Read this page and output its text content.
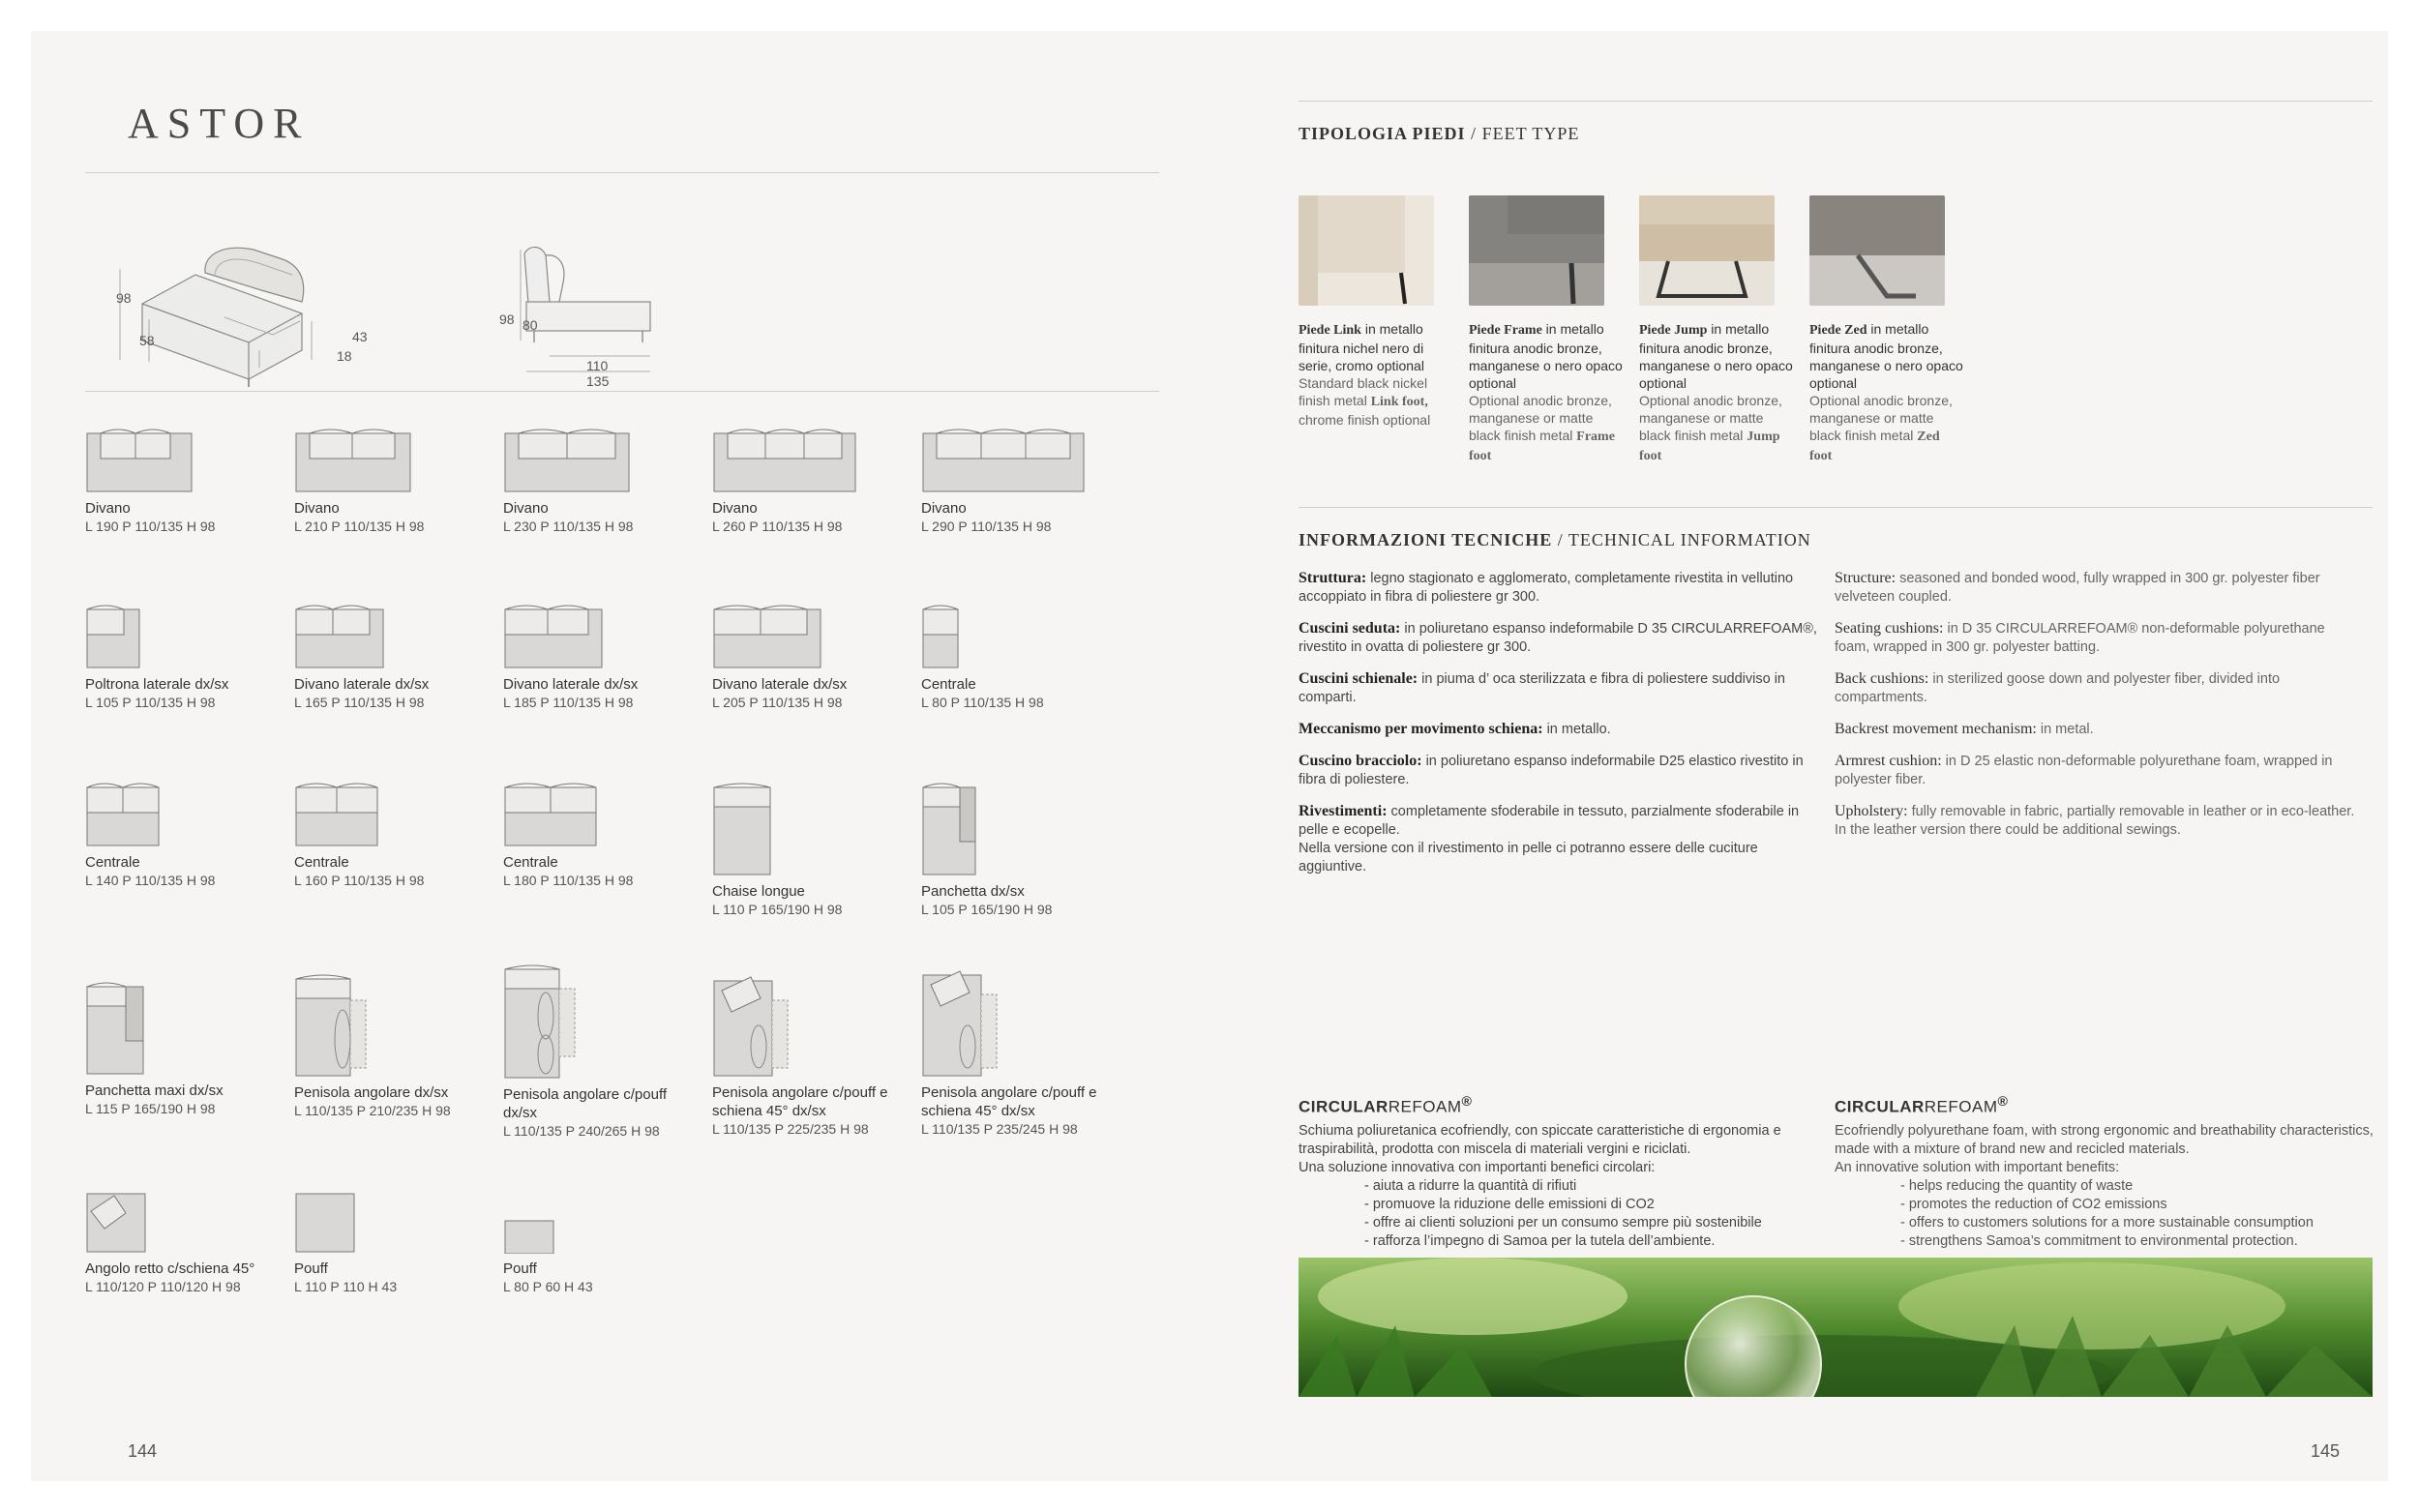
ASTOR
98
58	43
18
98 80
110
135
Divano
L 190 P 110/135 H 98
Divano
L 210 P 110/135 H 98
Divano
L 230 P 110/135 H 98
Divano
L 260 P 110/135 H 98
Divano
L 290 P 110/135 H 98
Poltrona laterale dx/sx
L 105 P 110/135 H 98
Divano laterale dx/sx
L 165 P 110/135 H 98
Divano laterale dx/sx
L 185 P 110/135 H 98
Divano laterale dx/sx
L 205 P 110/135 H 98
Centrale
L 80 P 110/135 H 98
Centrale
L 140 P 110/135 H 98
Centrale
L 160 P 110/135 H 98
Centrale
L 180 P 110/135 H 98
Chaise longue
L 110 P 165/190 H 98
Panchetta dx/sx
L 105 P 165/190 H 98
Panchetta maxi dx/sx
L 115 P 165/190 H 98
Penisola angolare dx/sx
L 110/135 P 210/235 H 98
Penisola angolare c/pouff dx/sx
L 110/135 P 240/265 H 98
Penisola angolare c/pouff e schiena 45° dx/sx
L 110/135 P 225/235 H 98
Penisola angolare c/pouff e schiena 45° dx/sx
L 110/135 P 235/245 H 98
Angolo retto c/schiena 45°
L 110/120 P 110/120 H 98
Pouff
L 110 P 110 H 43
Pouff
L 80 P 60 H 43
144
TIPOLOGIA PIEDI / FEET TYPE
Piede Link in metallo finitura nichel nero di serie, cromo optional
Standard black nickel finish metal Link foot, chrome finish optional
Piede Frame in metallo finitura anodic bronze, manganese o nero opaco optional
Optional anodic bronze, manganese or matte black finish metal Frame foot
Piede Jump in metallo finitura anodic bronze, manganese o nero opaco optional
Optional anodic bronze, manganese or matte black finish metal Jump foot
Piede Zed in metallo finitura anodic bronze, manganese o nero opaco optional
Optional anodic bronze, manganese or matte black finish metal Zed foot
INFORMAZIONI TECNICHE / TECHNICAL INFORMATION

Struttura: legno stagionato e agglomerato, completamente rivestita in vellutino accoppiato in fibra di poliestere gr 300.

Cuscini seduta: in poliuretano espanso indeformabile D 35 CIRCULARREFOAM®, rivestito in ovatta di poliestere gr 300.

Cuscini schienale: in piuma d’ oca sterilizzata e fibra di poliestere suddiviso in comparti.

Meccanismo per movimento schiena: in metallo.

Cuscino bracciolo: in poliuretano espanso indeformabile D25 elastico rivestito in fibra di poliestere.

Rivestimenti: completamente sfoderabile in tessuto, parzialmente sfoderabile in pelle e ecopelle.
Nella versione con il rivestimento in pelle ci potranno essere delle cuciture aggiuntive.

Structure: seasoned and bonded wood, fully wrapped in 300 gr. polyester fiber velveteen coupled.

Seating cushions: in D 35 CIRCULARREFOAM® non-deformable polyurethane foam, wrapped in 300 gr. polyester batting.

Back cushions: in sterilized goose down and polyester fiber, divided into compartments.

Backrest movement mechanism: in metal.

Armrest cushion: in D 25 elastic non-deformable polyurethane foam, wrapped in polyester fiber.

Upholstery: fully removable in fabric, partially removable in leather or in eco-leather.
In the leather version there could be additional sewings.

CIRCULARREFOAM®
Schiuma poliuretanica ecofriendly, con spiccate caratteristiche di ergonomia e traspirabilità, prodotta con miscela di materiali vergini e riciclati.
Una soluzione innovativa con importanti benefici circolari:
- aiuta a ridurre la quantità di rifiuti
- promuove la riduzione delle emissioni di CO2
- offre ai clienti soluzioni per un consumo sempre più sostenibile
- rafforza l’impegno di Samoa per la tutela dell’ambiente.
CIRCULARREFOAM®
Ecofriendly polyurethane foam, with strong ergonomic and breathability characteristics, made with a mixture of brand new and recicled materials.
An innovative solution with important benefits:
- helps reducing the quantity of waste
- promotes the reduction of CO2 emissions
- offers to customers solutions for a more sustainable consumption
- strengthens Samoa’s commitment to environmental protection.
145
